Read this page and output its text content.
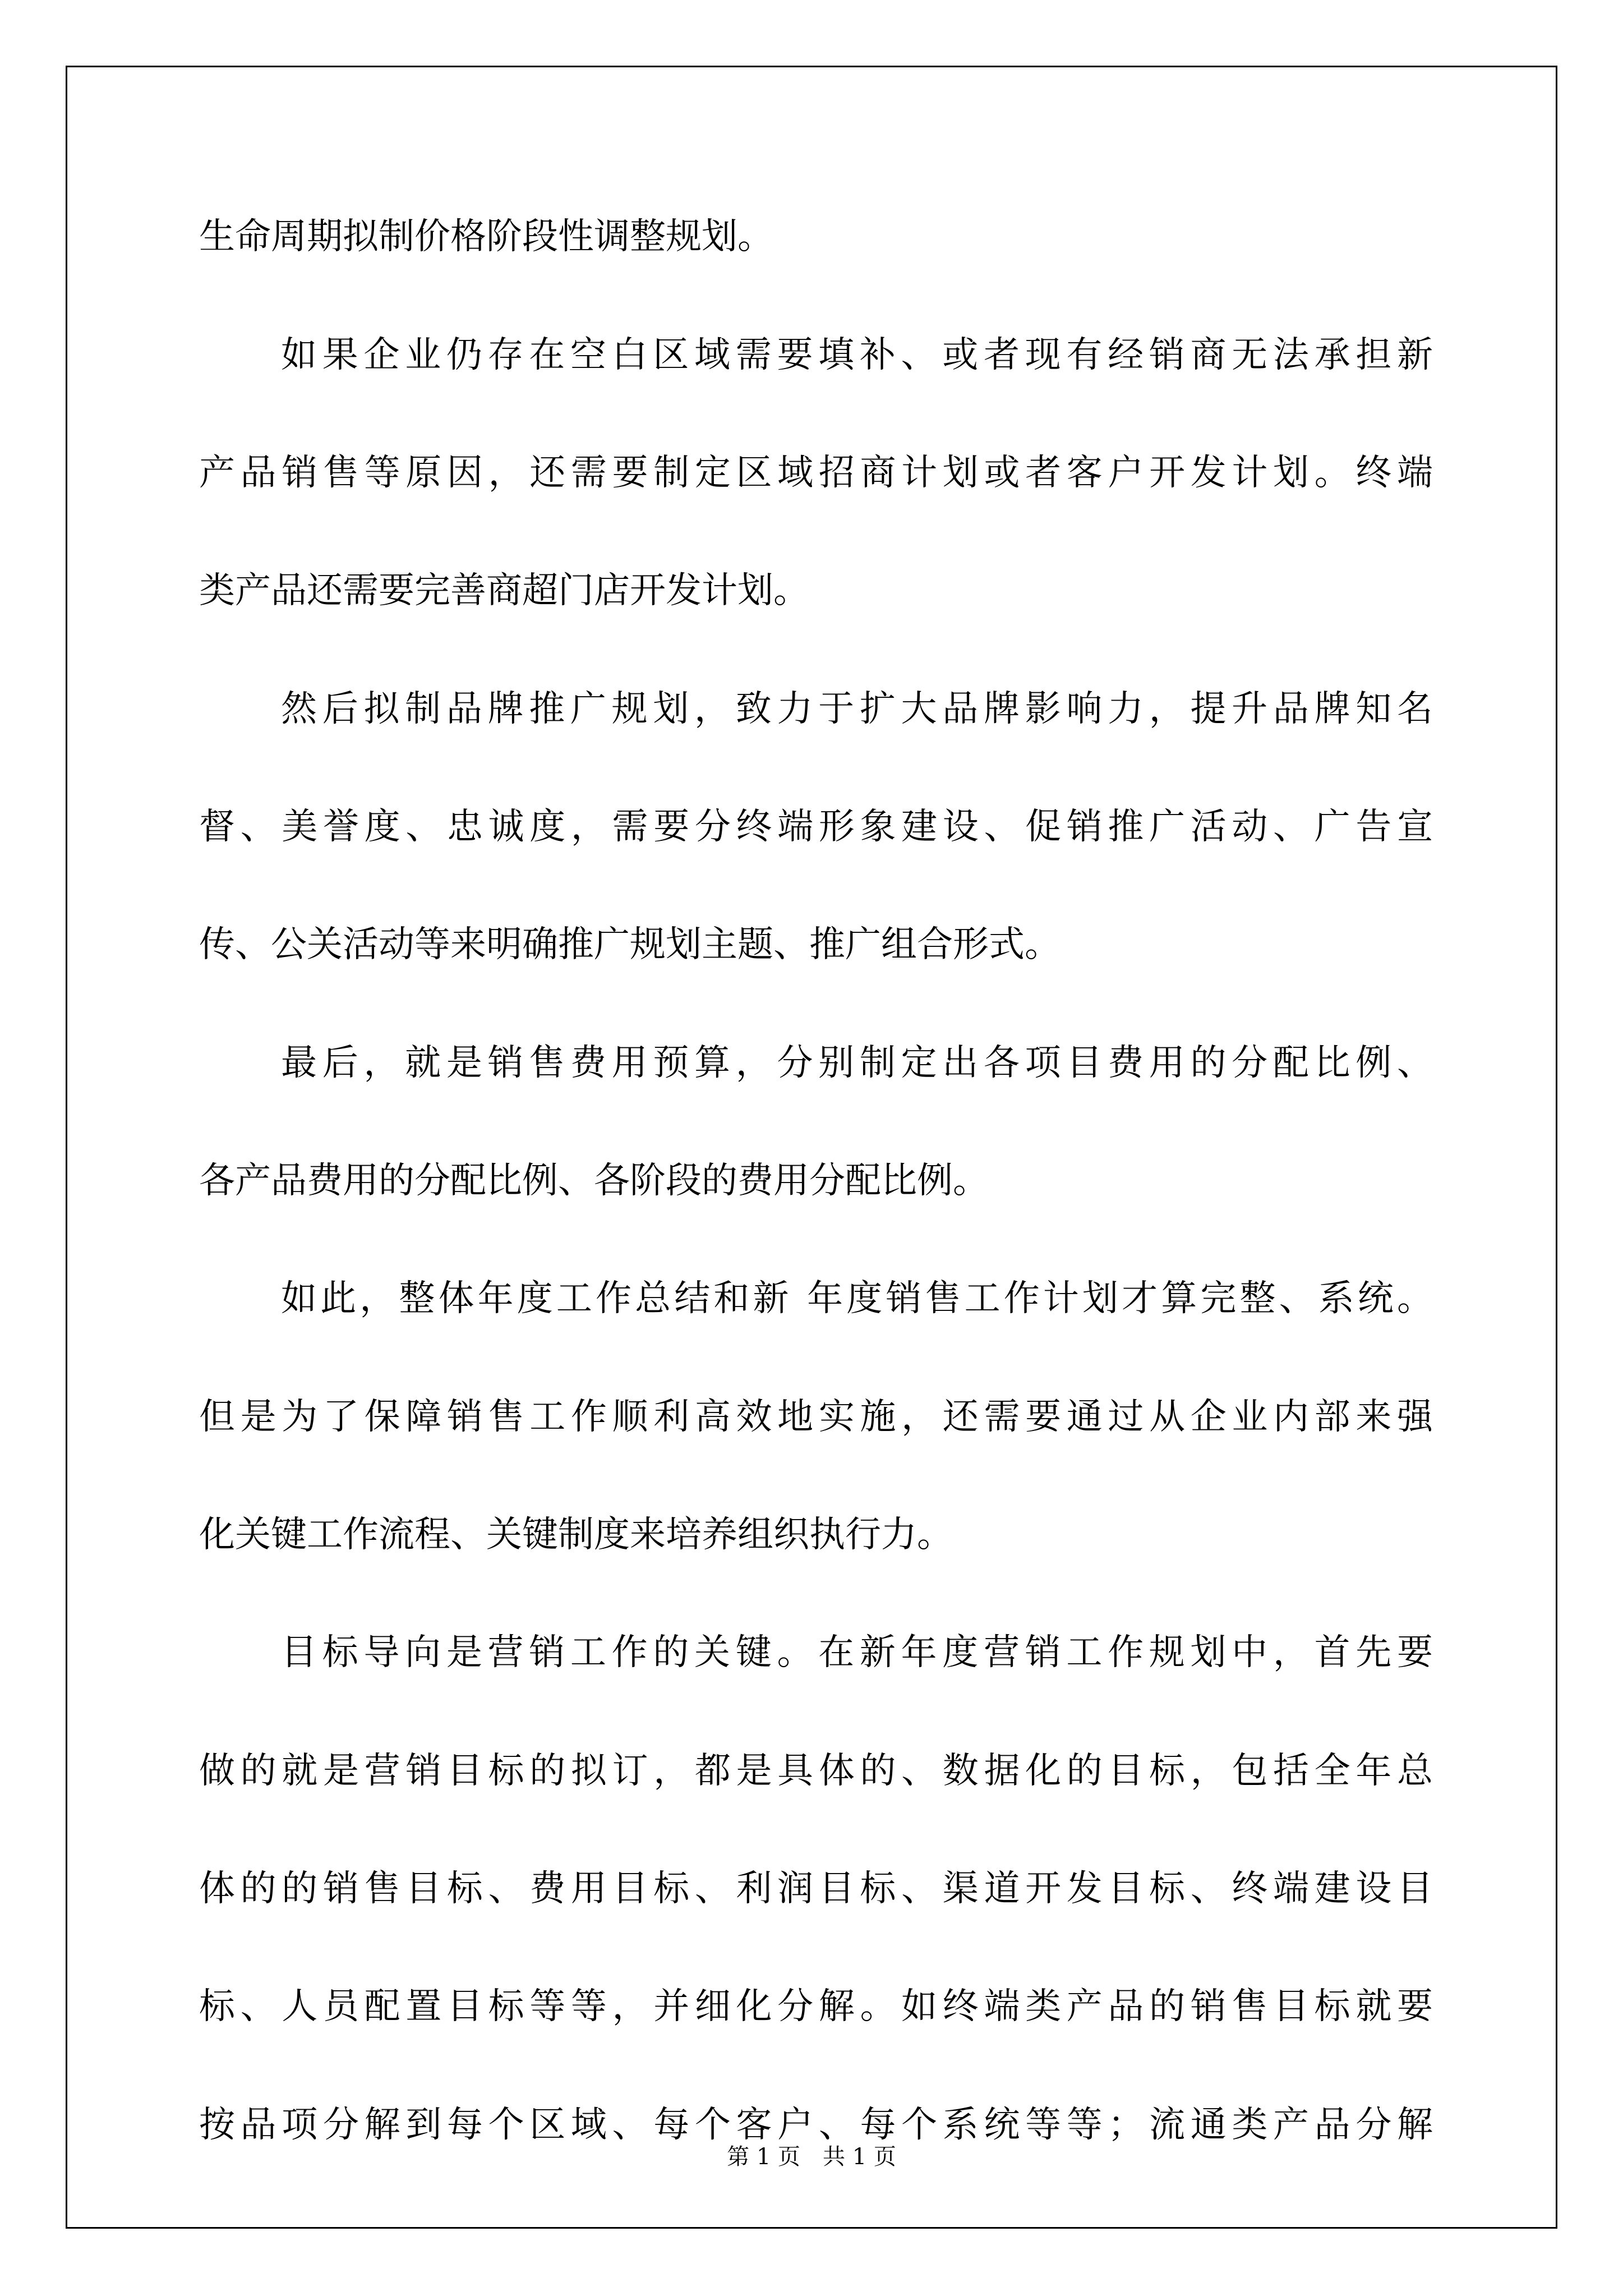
生命周期拟制价格阶段性调整规划。
如果企业仍存在空白区域需要填补、或者现有经销商无法承担新
产品销售等原因，还需要制定区域招商计划或者客户开发计划。终端
类产品还需要完善商超门店开发计划。
然后拟制品牌推广规划，致力于扩大品牌影响力，提升品牌知名
督、美誉度、忠诚度，需要分终端形象建设、促销推广活动、广告宣
传、公关活动等来明确推广规划主题、推广组合形式。
最后，就是销售费用预算，分别制定出各项目费用的分配比例、
各产品费用的分配比例、各阶段的费用分配比例。
如此，整体年度工作总结和新 年度销售工作计划才算完整、系统。
但是为了保障销售工作顺利高效地实施，还需要通过从企业内部来强
化关键工作流程、关键制度来培养组织执行力。
目标导向是营销工作的关键。在新年度营销工作规划中，首先要
做的就是营销目标的拟订，都是具体的、数据化的目标，包括全年总
体的的销售目标、费用目标、利润目标、渠道开发目标、终端建设目
标、人员配置目标等等，并细化分解。如终端类产品的销售目标就要
按品项分解到每个区域、每个客户、每个系统等等；流通类产品分解
第 1 页 共 1 页
